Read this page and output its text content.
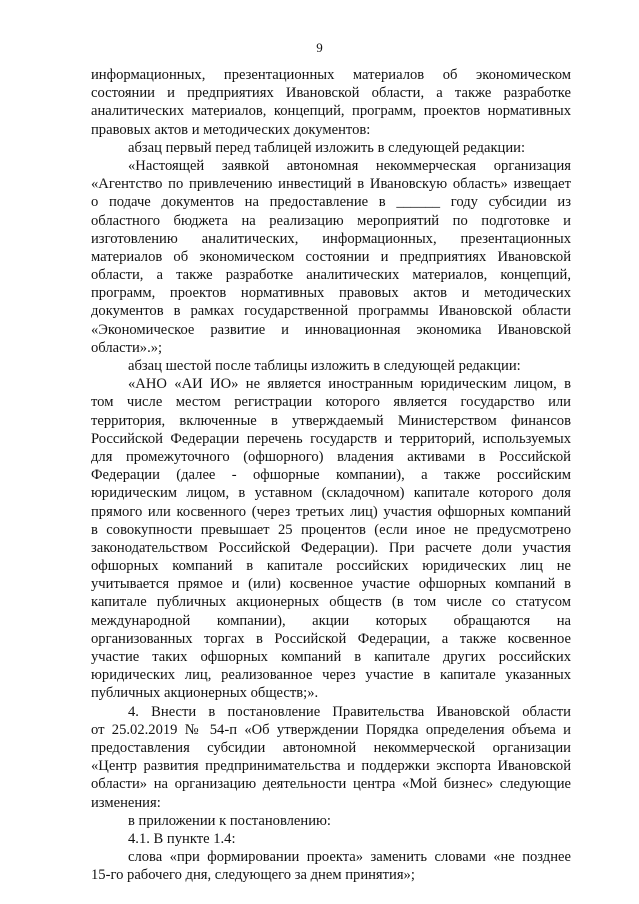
9
информационных, презентационных материалов об экономическом
состоянии и предприятиях Ивановской области, а также разработке
аналитических материалов, концепций, программ, проектов нормативных
правовых актов и методических документов:
абзац первый перед таблицей изложить в следующей редакции:
«Настоящей заявкой автономная некоммерческая организация
«Агентство по привлечению инвестиций в Ивановскую область» извещает
о подаче документов на предоставление в ______ году субсидии из
областного бюджета на реализацию мероприятий по подготовке и
изготовлению аналитических, информационных, презентационных
материалов об экономическом состоянии и предприятиях Ивановской
области, а также разработке аналитических материалов, концепций,
программ, проектов нормативных правовых актов и методических
документов в рамках государственной программы Ивановской области
«Экономическое развитие и инновационная экономика Ивановской
области».»;
абзац шестой после таблицы изложить в следующей редакции:
«АНО «АИ ИО» не является иностранным юридическим лицом, в
том числе местом регистрации которого является государство или
территория, включенные в утверждаемый Министерством финансов
Российской Федерации перечень государств и территорий, используемых
для промежуточного (офшорного) владения активами в Российской
Федерации (далее - офшорные компании), а также российским
юридическим лицом, в уставном (складочном) капитале которого доля
прямого или косвенного (через третьих лиц) участия офшорных компаний
в совокупности превышает 25 процентов (если иное не предусмотрено
законодательством Российской Федерации). При расчете доли участия
офшорных компаний в капитале российских юридических лиц не
учитывается прямое и (или) косвенное участие офшорных компаний в
капитале публичных акционерных обществ (в том числе со статусом
международной компании), акции которых обращаются на
организованных торгах в Российской Федерации, а также косвенное
участие таких офшорных компаний в капитале других российских
юридических лиц, реализованное через участие в капитале указанных
публичных акционерных обществ;».
4. Внести в постановление Правительства Ивановской области
от 25.02.2019 № 54-п «Об утверждении Порядка определения объема и
предоставления субсидии автономной некоммерческой организации
«Центр развития предпринимательства и поддержки экспорта Ивановской
области» на организацию деятельности центра «Мой бизнес» следующие
изменения:
в приложении к постановлению:
4.1. В пункте 1.4:
слова «при формировании проекта» заменить словами «не позднее
15-го рабочего дня, следующего за днем принятия»;
